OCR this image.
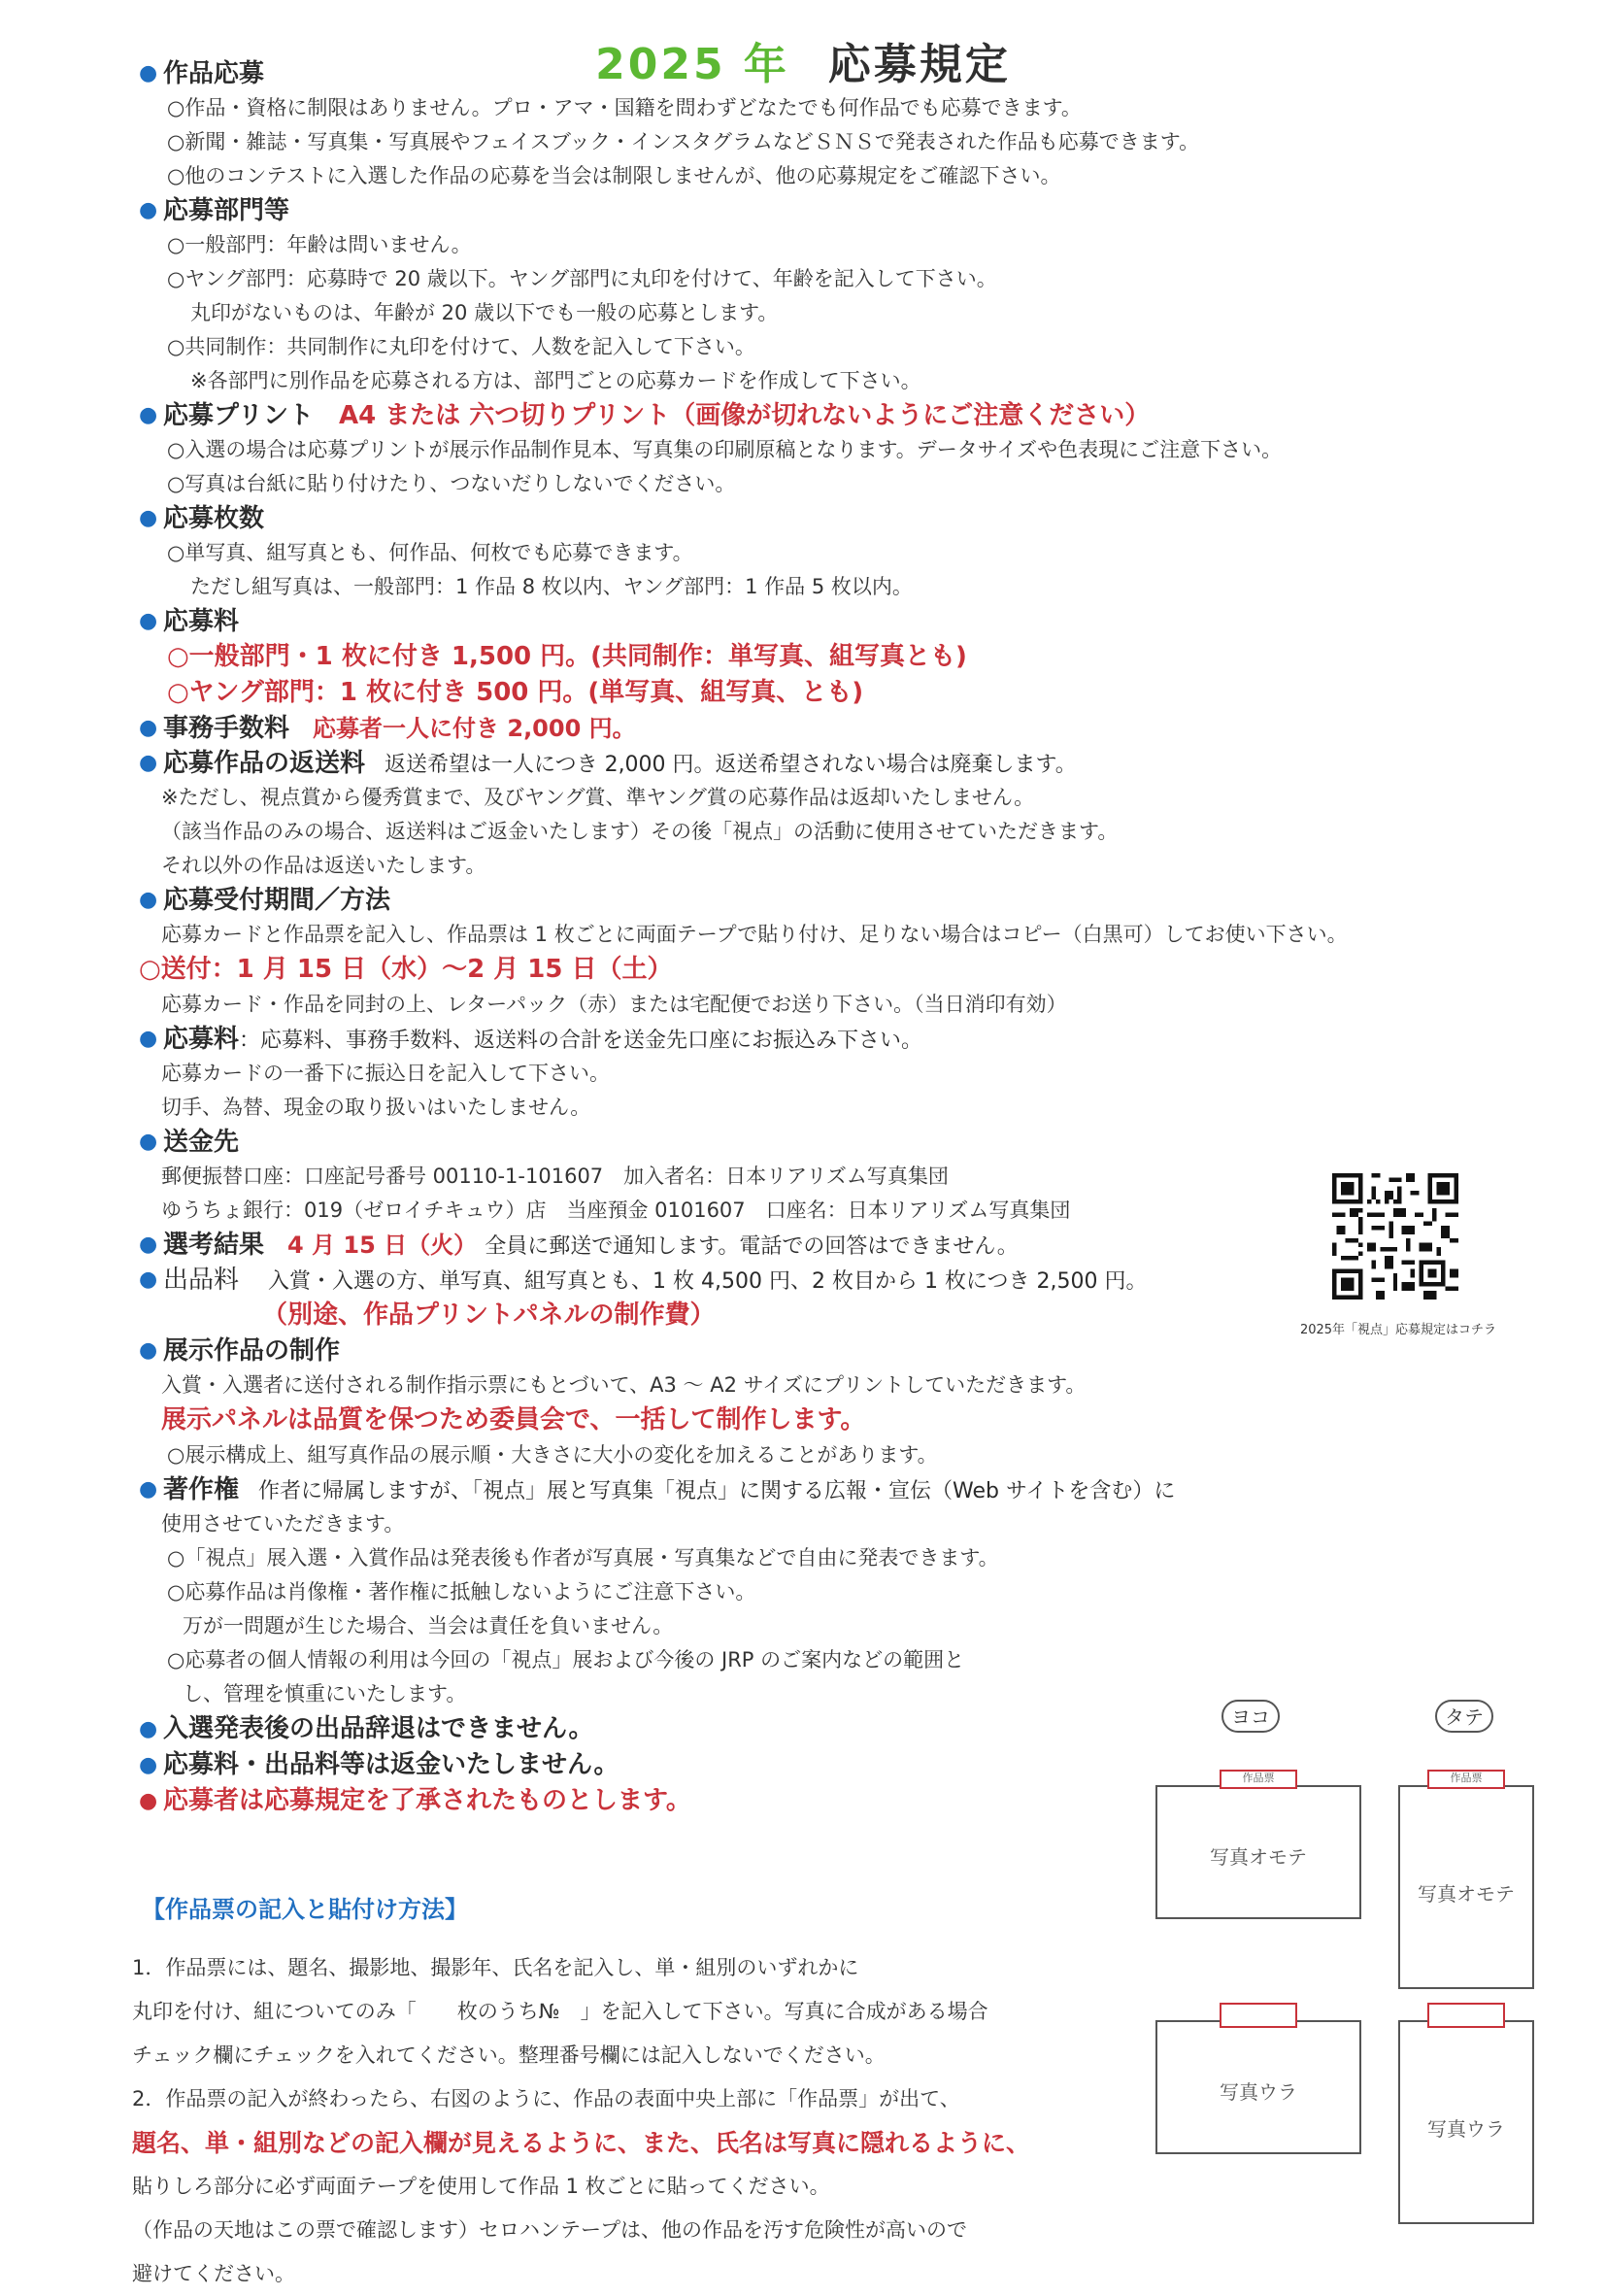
2025 年 応募規定
● 作品応募
○作品・資格に制限はありません。プロ・アマ・国籍を問わずどなたでも何作品でも応募できます。
○新聞・雑誌・写真集・写真展やフェイスブック・インスタグラムなどＳＮＳで発表された作品も応募できます。
○他のコンテストに入選した作品の応募を当会は制限しませんが、他の応募規定をご確認下さい。
● 応募部門等
○一般部門：年齢は問いません。
○ヤング部門：応募時で 20 歳以下。ヤング部門に丸印を付けて、年齢を記入して下さい。
丸印がないものは、年齢が 20 歳以下でも一般の応募とします。
○共同制作：共同制作に丸印を付けて、人数を記入して下さい。
※各部門に別作品を応募される方は、部門ごとの応募カードを作成して下さい。
● 応募プリント A4 または 六つ切りプリント（画像が切れないようにご注意ください）
○入選の場合は応募プリントが展示作品制作見本、写真集の印刷原稿となります。データサイズや色表現にご注意下さい。
○写真は台紙に貼り付けたり、つないだりしないでください。
● 応募枚数
○単写真、組写真とも、何作品、何枚でも応募できます。
ただし組写真は、一般部門：1 作品 8 枚以内、ヤング部門：1 作品 5 枚以内。
● 応募料
○一般部門・1 枚に付き 1,500 円。(共同制作：単写真、組写真とも)
○ヤング部門：1 枚に付き 500 円。(単写真、組写真、とも)
● 事務手数料 応募者一人に付き 2,000 円。
● 応募作品の返送料 返送希望は一人につき 2,000 円。返送希望されない場合は廃棄します。
※ただし、視点賞から優秀賞まで、及びヤング賞、準ヤング賞の応募作品は返却いたしません。
（該当作品のみの場合、返送料はご返金いたします）その後「視点」の活動に使用させていただきます。
それ以外の作品は返送いたします。
● 応募受付期間／方法
応募カードと作品票を記入し、作品票は 1 枚ごとに両面テープで貼り付け、足りない場合はコピー（白黒可）してお使い下さい。
○送付：1 月 15 日（水）～2 月 15 日（土）
応募カード・作品を同封の上、レターパック（赤）または宅配便でお送り下さい。（当日消印有効）
● 応募料：応募料、事務手数料、返送料の合計を送金先口座にお振込み下さい。
応募カードの一番下に振込日を記入して下さい。
切手、為替、現金の取り扱いはいたしません。
● 送金先
郵便振替口座：口座記号番号 00110-1-101607　加入者名：日本リアリズム写真集団
ゆうちょ銀行：019（ゼロイチキュウ）店　当座預金 0101607　口座名：日本リアリズム写真集団
● 選考結果 4 月 15 日（火） 全員に郵送で通知します。電話での回答はできません。
● 出品料 入賞・入選の方、単写真、組写真とも、1 枚 4,500 円、2 枚目から 1 枚につき 2,500 円。
（別途、作品プリントパネルの制作費）
● 展示作品の制作
入賞・入選者に送付される制作指示票にもとづいて、A3 ～ A2 サイズにプリントしていただきます。
展示パネルは品質を保つため委員会で、一括して制作します。
○展示構成上、組写真作品の展示順・大きさに大小の変化を加えることがあります。
● 著作権 作者に帰属しますが、「視点」展と写真集「視点」に関する広報・宣伝（Web サイトを含む）に
使用させていただきます。
○「視点」展入選・入賞作品は発表後も作者が写真展・写真集などで自由に発表できます。
○応募作品は肖像権・著作権に抵触しないようにご注意下さい。
万が一問題が生じた場合、当会は責任を負いません。
○応募者の個人情報の利用は今回の「視点」展および今後の JRP のご案内などの範囲と
し、管理を慎重にいたします。
● 入選発表後の出品辞退はできません。
● 応募料・出品料等は返金いたしません。
● 応募者は応募規定を了承されたものとします。
2025年「視点」応募規定はコチラ
【作品票の記入と貼付け方法】
1．作品票には、題名、撮影地、撮影年、氏名を記入し、単・組別のいずれかに
丸印を付け、組についてのみ「　　枚のうち№　」を記入して下さい。写真に合成がある場合
チェック欄にチェックを入れてください。整理番号欄には記入しないでください。
2．作品票の記入が終わったら、右図のように、作品の表面中央上部に「作品票」が出て、
題名、単・組別などの記入欄が見えるように、また、氏名は写真に隠れるように、
貼りしろ部分に必ず両面テープを使用して作品 1 枚ごとに貼ってください。
（作品の天地はこの票で確認します）セロハンテープは、他の作品を汚す危険性が高いので
避けてください。
ヨコ	タテ
写真オモテ
作品票
写真オモテ
作品票
写真ウラ
写真ウラ
